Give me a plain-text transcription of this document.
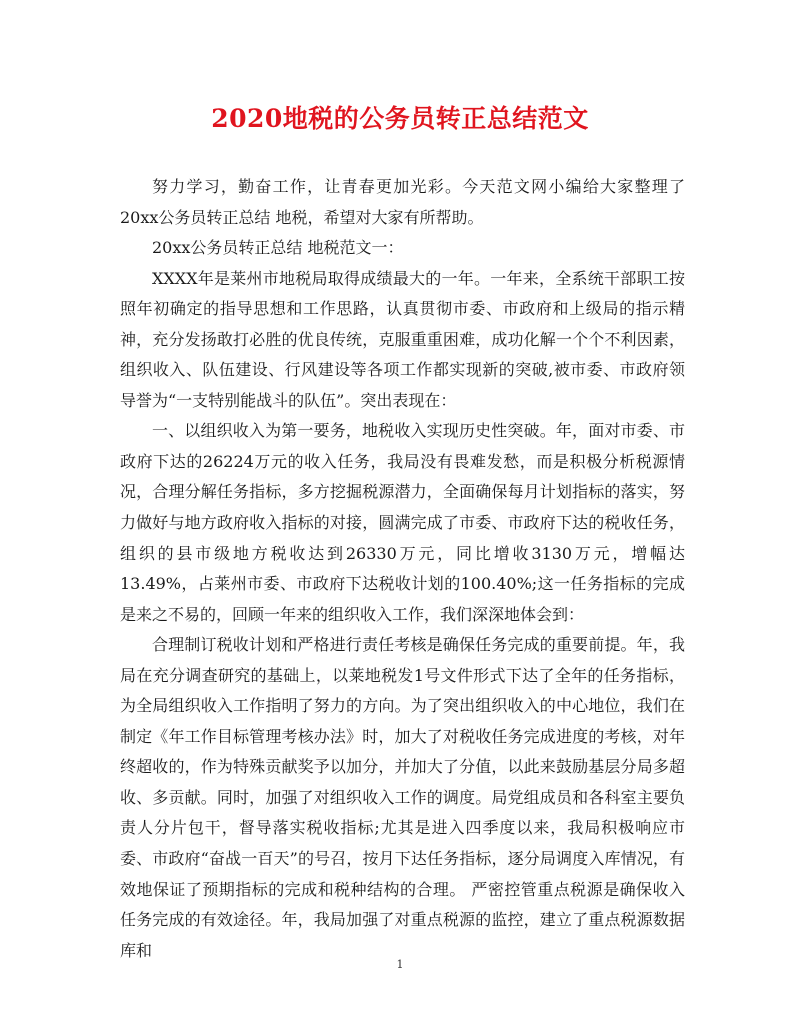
2020地税的公务员转正总结范文

努力学习，勤奋工作，让青春更加光彩。今天范文网小编给大家整理了20xx公务员转正总结 地税，希望对大家有所帮助。

20xx公务员转正总结 地税范文一：

XXXX年是莱州市地税局取得成绩最大的一年。一年来，全系统干部职工按照年初确定的指导思想和工作思路，认真贯彻市委、市政府和上级局的指示精神，充分发扬敢打必胜的优良传统，克服重重困难，成功化解一个个不利因素，组织收入、队伍建设、行风建设等各项工作都实现新的突破,被市委、市政府领导誉为“一支特别能战斗的队伍”。突出表现在：

一、以组织收入为第一要务，地税收入实现历史性突破。年，面对市委、市政府下达的26224万元的收入任务，我局没有畏难发愁，而是积极分析税源情况，合理分解任务指标，多方挖掘税源潜力，全面确保每月计划指标的落实，努力做好与地方政府收入指标的对接，圆满完成了市委、市政府下达的税收任务，组织的县市级地方税收达到26330万元，同比增收3130万元，增幅达13.49%，占莱州市委、市政府下达税收计划的100.40%;这一任务指标的完成是来之不易的，回顾一年来的组织收入工作，我们深深地体会到：

合理制订税收计划和严格进行责任考核是确保任务完成的重要前提。年，我局在充分调查研究的基础上，以莱地税发1号文件形式下达了全年的任务指标，为全局组织收入工作指明了努力的方向。为了突出组织收入的中心地位，我们在制定《年工作目标管理考核办法》时，加大了对税收任务完成进度的考核，对年终超收的，作为特殊贡献奖予以加分，并加大了分值，以此来鼓励基层分局多超收、多贡献。同时，加强了对组织收入工作的调度。局党组成员和各科室主要负责人分片包干，督导落实税收指标;尤其是进入四季度以来，我局积极响应市委、市政府“奋战一百天”的号召，按月下达任务指标，逐分局调度入库情况，有效地保证了预期指标的完成和税种结构的合理。 严密控管重点税源是确保收入任务完成的有效途径。年，我局加强了对重点税源的监控，建立了重点税源数据库和

1
